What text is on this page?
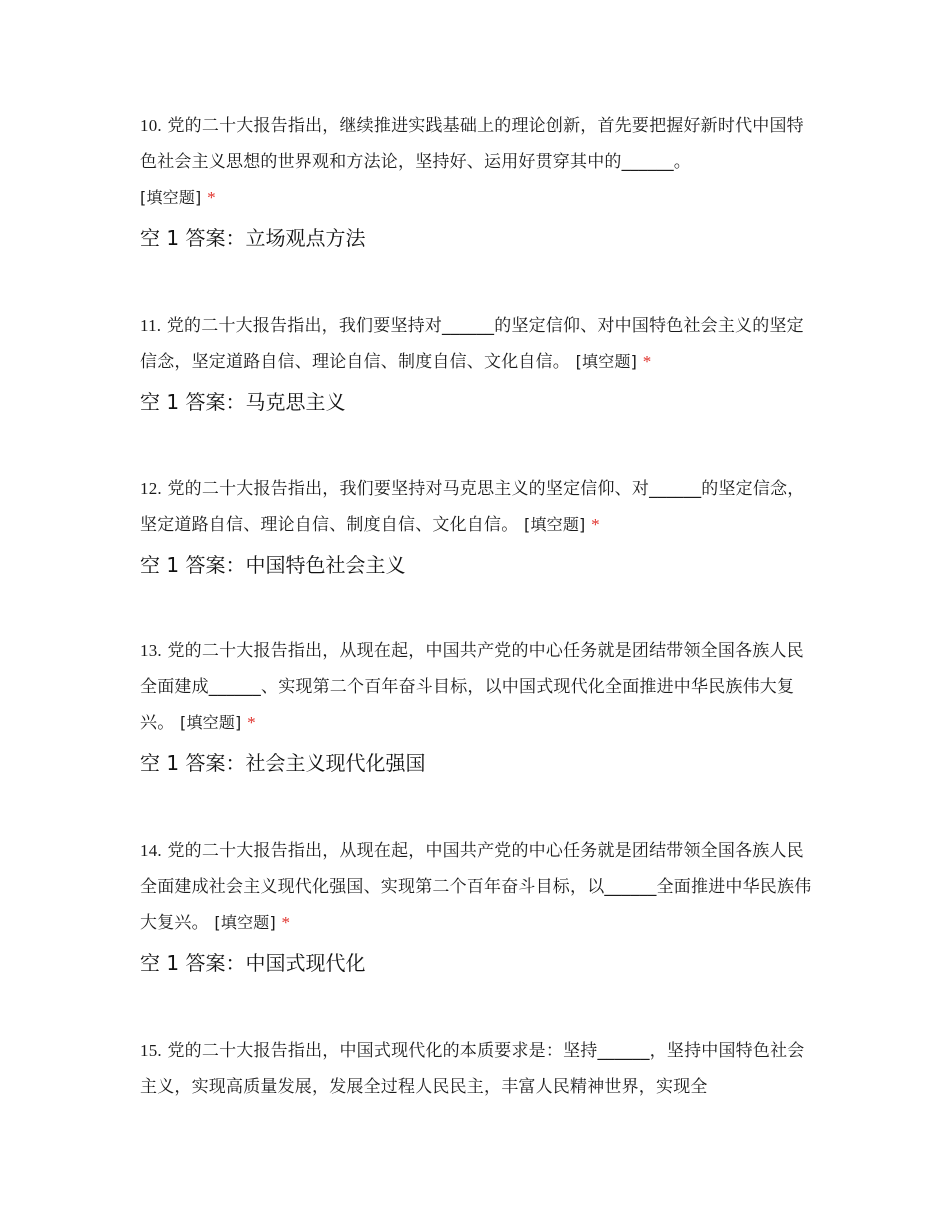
10. 党的二十大报告指出，继续推进实践基础上的理论创新，首先要把握好新时代中国特色社会主义思想的世界观和方法论，坚持好、运用好贯穿其中的______。
[填空题] *

空 1 答案：立场观点方法

11. 党的二十大报告指出，我们要坚持对______的坚定信仰、对中国特色社会主义的坚定信念，坚定道路自信、理论自信、制度自信、文化自信。 [填空题] *

空 1 答案：马克思主义

12. 党的二十大报告指出，我们要坚持对马克思主义的坚定信仰、对______的坚定信念，坚定道路自信、理论自信、制度自信、文化自信。 [填空题] *

空 1 答案：中国特色社会主义

13. 党的二十大报告指出，从现在起，中国共产党的中心任务就是团结带领全国各族人民全面建成______、实现第二个百年奋斗目标，以中国式现代化全面推进中华民族伟大复兴。 [填空题] *

空 1 答案：社会主义现代化强国

14. 党的二十大报告指出，从现在起，中国共产党的中心任务就是团结带领全国各族人民全面建成社会主义现代化强国、实现第二个百年奋斗目标，以______全面推进中华民族伟大复兴。 [填空题] *

空 1 答案：中国式现代化

15. 党的二十大报告指出，中国式现代化的本质要求是：坚持______，坚持中国特色社会主义，实现高质量发展，发展全过程人民民主，丰富人民精神世界，实现全
